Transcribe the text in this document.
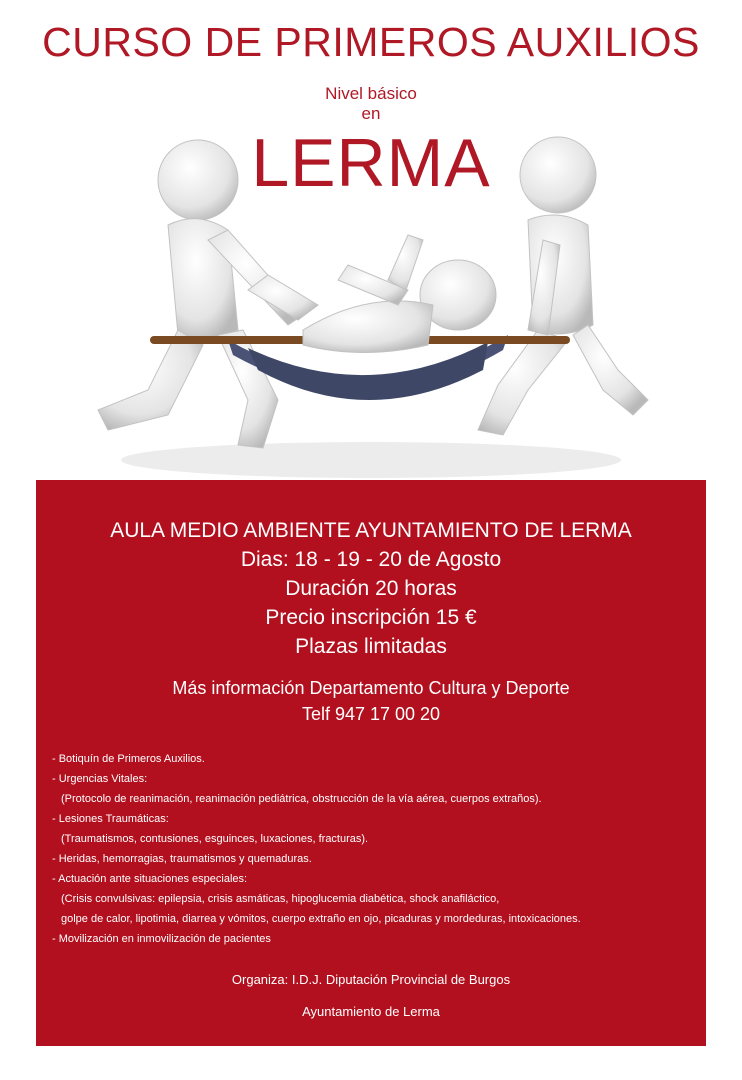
CURSO DE PRIMEROS AUXILIOS
Nivel básico
en
LERMA
AULA MEDIO AMBIENTE AYUNTAMIENTO DE LERMA
Dias: 18 - 19 - 20 de Agosto
Duración 20 horas
Precio inscripción 15 €
Plazas limitadas
Más información Departamento Cultura y Deporte
Telf 947 17 00 20
- Botiquín de Primeros Auxilios.
- Urgencias Vitales:
(Protocolo de reanimación, reanimación pediátrica, obstrucción de la vía aérea, cuerpos extraños).
- Lesiones Traumáticas:
(Traumatismos, contusiones, esguinces, luxaciones, fracturas).
- Heridas, hemorragias, traumatismos y quemaduras.
- Actuación ante situaciones especiales:
(Crisis convulsivas: epilepsia, crisis asmáticas, hipoglucemia diabética, shock anafiláctico,
golpe de calor, lipotimia, diarrea y vómitos, cuerpo extraño en ojo, picaduras y mordeduras, intoxicaciones.
- Movilización en inmovilización de pacientes
Organiza: I.D.J. Diputación Provincial de Burgos
Ayuntamiento de Lerma
